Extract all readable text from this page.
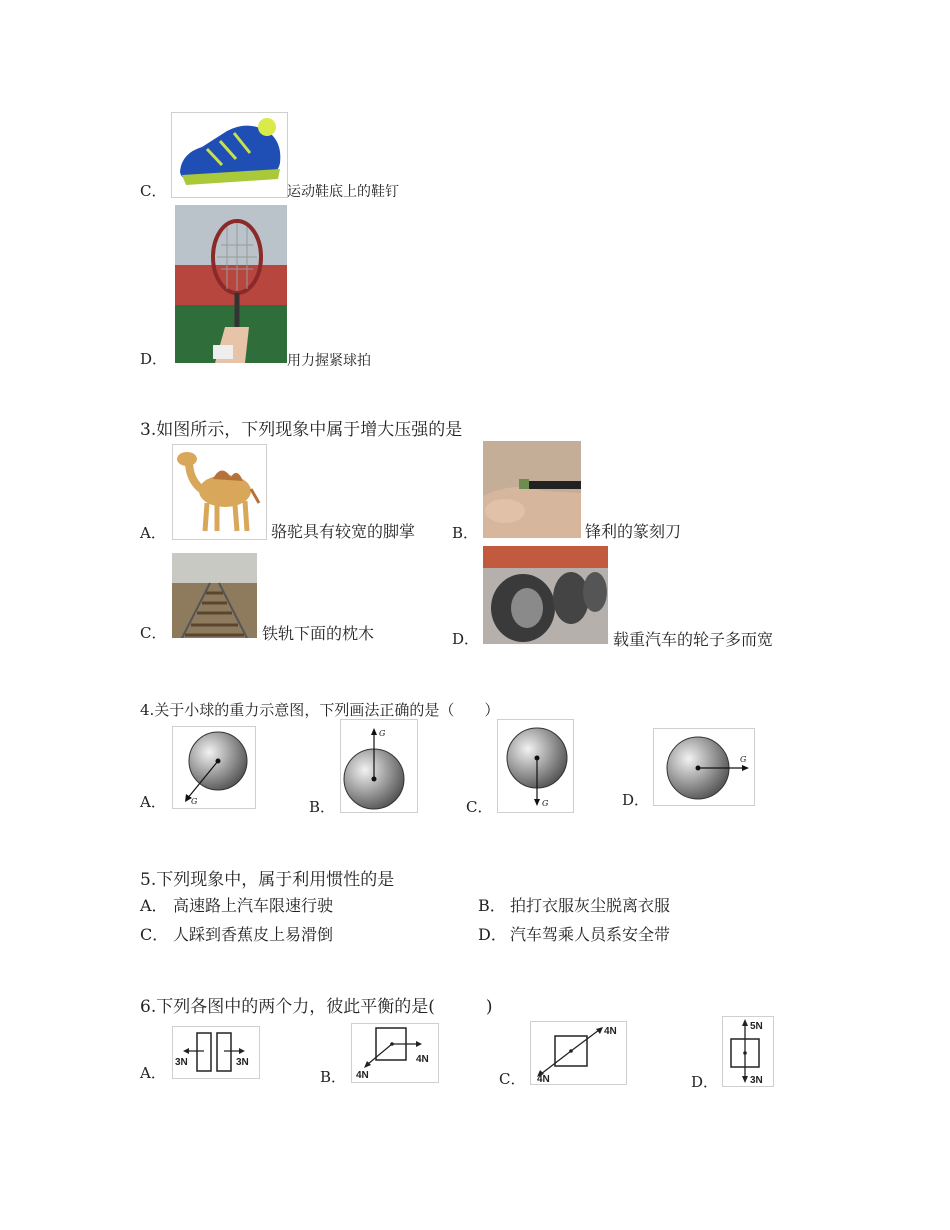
C．	运动鞋底上的鞋钉
D．	用力握紧球拍
3.如图所示，下列现象中属于增大压强的是
A．	骆驼具有较宽的脚掌 B．	锋利的篆刻刀
C．	铁轨下面的枕木	D．	载重汽车的轮子多而宽
4.关于小球的重力示意图，下列画法正确的是（　　）
A．	G	B．
G
C．	G	D．
G
5.下列现象中，属于利用惯性的是
A． 高速路上汽车限速行驶	B． 拍打衣服灰尘脱离衣服
C． 人踩到香蕉皮上易滑倒	D． 汽车驾乘人员系安全带
6.下列各图中的两个力，彼此平衡的是(　　　)
A．
3N	3N
B． 4N
4N
C． 4N
4N
D．
5N
3N
